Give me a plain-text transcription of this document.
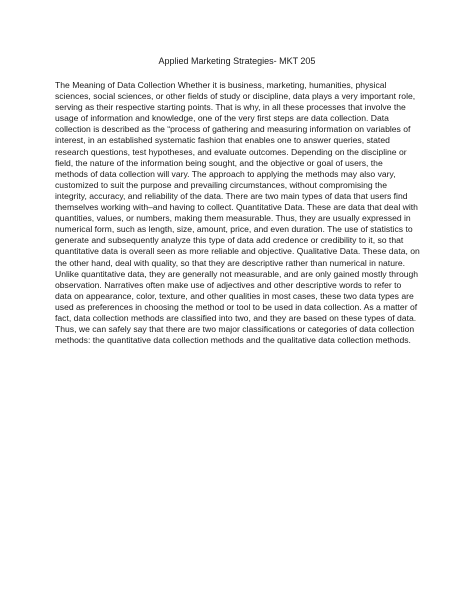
Applied Marketing Strategies- MKT 205
The Meaning of Data Collection Whether it is business, marketing, humanities, physical
sciences, social sciences, or other fields of study or discipline, data plays a very important role,
serving as their respective starting points. That is why, in all these processes that involve the
usage of information and knowledge, one of the very first steps are data collection. Data
collection is described as the “process of gathering and measuring information on variables of
interest, in an established systematic fashion that enables one to answer queries, stated
research questions, test hypotheses, and evaluate outcomes. Depending on the discipline or
field, the nature of the information being sought, and the objective or goal of users, the
methods of data collection will vary. The approach to applying the methods may also vary,
customized to suit the purpose and prevailing circumstances, without compromising the
integrity, accuracy, and reliability of the data. There are two main types of data that users find
themselves working with–and having to collect. Quantitative Data. These are data that deal with
quantities, values, or numbers, making them measurable. Thus, they are usually expressed in
numerical form, such as length, size, amount, price, and even duration. The use of statistics to
generate and subsequently analyze this type of data add credence or credibility to it, so that
quantitative data is overall seen as more reliable and objective. Qualitative Data. These data, on
the other hand, deal with quality, so that they are descriptive rather than numerical in nature.
Unlike quantitative data, they are generally not measurable, and are only gained mostly through
observation. Narratives often make use of adjectives and other descriptive words to refer to
data on appearance, color, texture, and other qualities in most cases, these two data types are
used as preferences in choosing the method or tool to be used in data collection. As a matter of
fact, data collection methods are classified into two, and they are based on these types of data.
Thus, we can safely say that there are two major classifications or categories of data collection
methods: the quantitative data collection methods and the qualitative data collection methods.
